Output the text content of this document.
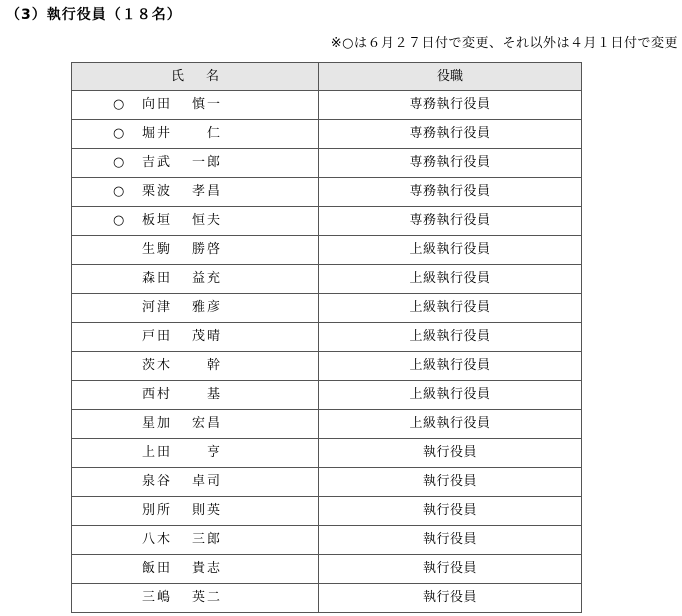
（3）執行役員（１８名）
※○は６月２７日付で変更、それ以外は４月１日付で変更
氏名	役職

○ 向田 慎一	専務執行役員

○ 堀井 　仁	専務執行役員

○ 吉武 一郎	専務執行役員

○ 栗波 孝昌	専務執行役員

○ 板垣 恒夫	専務執行役員

生駒 勝啓	上級執行役員

森田 益充	上級執行役員

河津 雅彦	上級執行役員

戸田 茂晴	上級執行役員

茨木 　幹	上級執行役員

西村 　基	上級執行役員

星加 宏昌	上級執行役員

上田 　亨	執行役員

泉谷 卓司	執行役員

別所 則英	執行役員

八木 三郎	執行役員

飯田 貴志	執行役員

三嶋 英二	執行役員
